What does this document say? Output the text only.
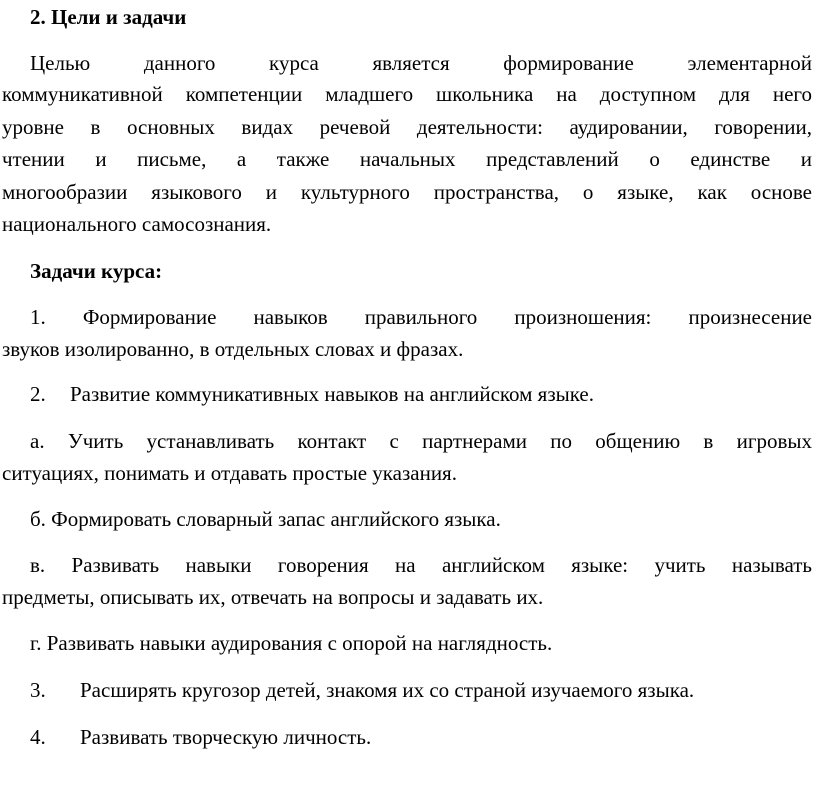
2. Цели и задачи
Целью данного курса является формирование элементарной
коммуникативной компетенции младшего школьника на доступном для него
уровне в основных видах речевой деятельности: аудировании, говорении,
чтении и письме, а также начальных представлений о единстве и
многообразии языкового и культурного пространства, о языке, как основе
национального самосознания.
Задачи курса:
1. Формирование навыков правильного произношения: произнесение
звуков изолированно, в отдельных словах и фразах.
2. Развитие коммуникативных навыков на английском языке.
а. Учить устанавливать контакт с партнерами по общению в игровых
ситуациях, понимать и отдавать простые указания.
б. Формировать словарный запас английского языка.
в. Развивать навыки говорения на английском языке: учить называть
предметы, описывать их, отвечать на вопросы и задавать их.
г. Развивать навыки аудирования с опорой на наглядность.
3. Расширять кругозор детей, знакомя их со страной изучаемого языка.
4. Развивать творческую личность.
